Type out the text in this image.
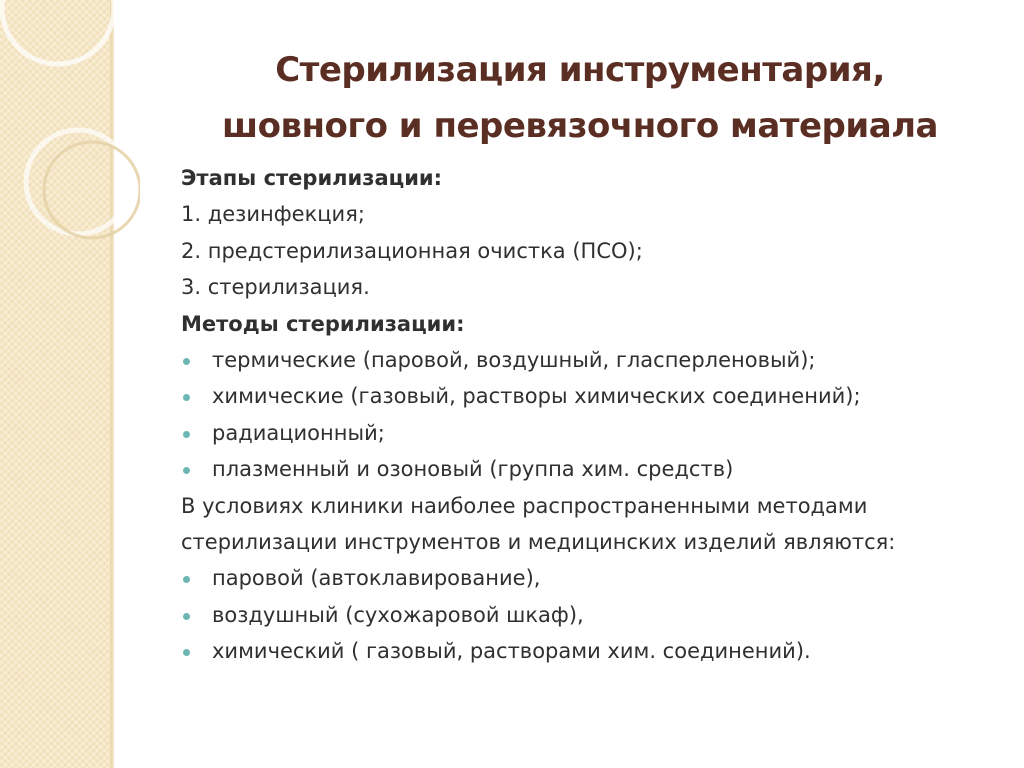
Стерилизация инструментария,
шовного и перевязочного материала
Этапы стерилизации:
1. дезинфекция;
2. предстерилизационная очистка (ПСО);
3. стерилизация.
Методы стерилизации:
термические (паровой, воздушный, гласперленовый);
химические (газовый, растворы химических соединений);
радиационный;
плазменный и озоновый (группа хим. средств)
В условиях клиники наиболее распространенными методами
стерилизации инструментов и медицинских изделий являются:
паровой (автоклавирование),
воздушный (сухожаровой шкаф),
химический ( газовый, растворами хим. соединений).
